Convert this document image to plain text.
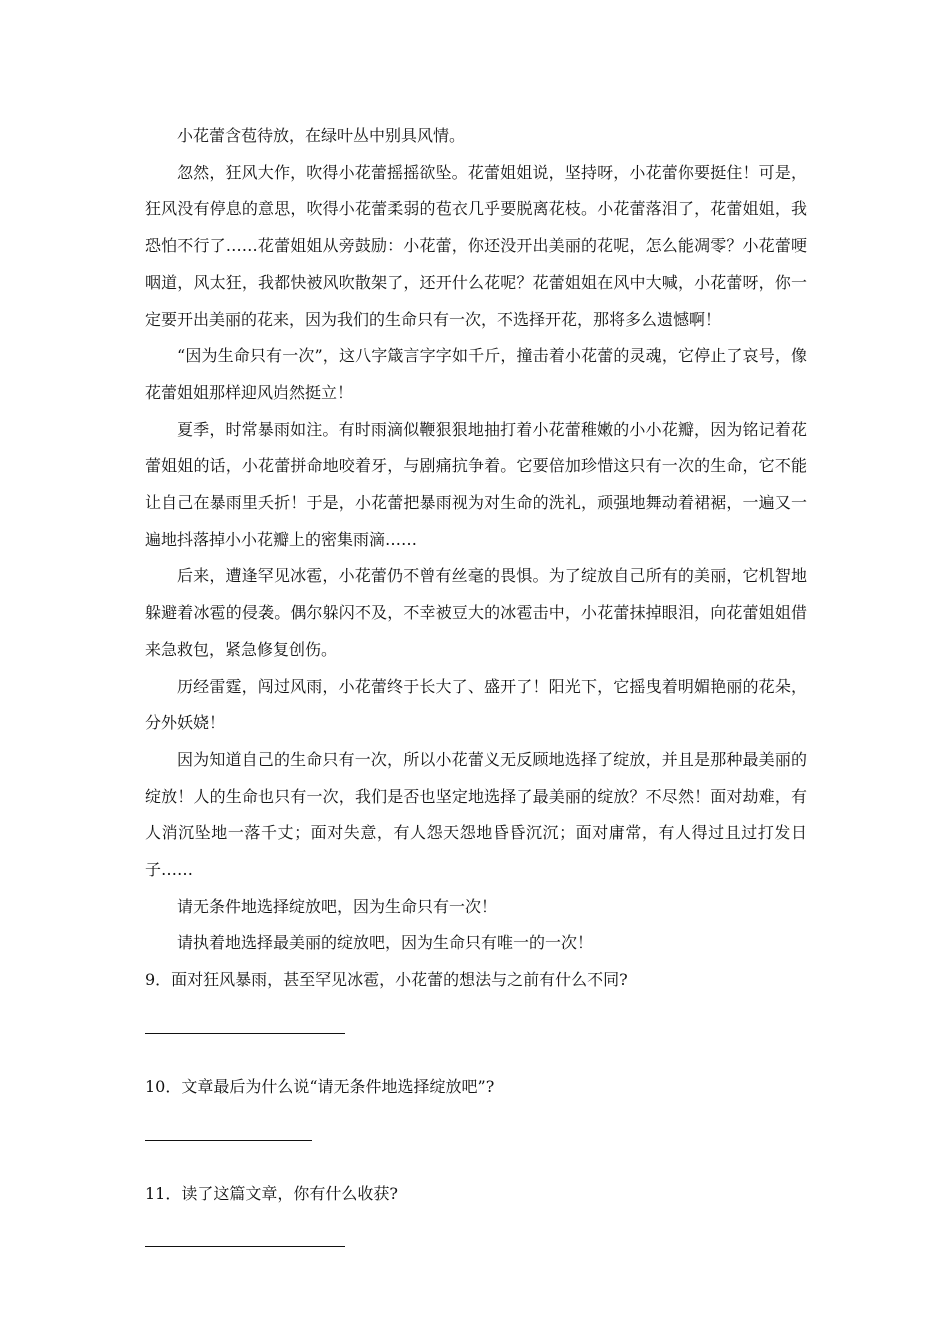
小花蕾含苞待放，在绿叶丛中别具风情。

忽然，狂风大作，吹得小花蕾摇摇欲坠。花蕾姐姐说，坚持呀，小花蕾你要挺住！可是，狂风没有停息的意思，吹得小花蕾柔弱的苞衣几乎要脱离花枝。小花蕾落泪了，花蕾姐姐，我恐怕不行了……花蕾姐姐从旁鼓励：小花蕾，你还没开出美丽的花呢，怎么能凋零？小花蕾哽咽道，风太狂，我都快被风吹散架了，还开什么花呢？花蕾姐姐在风中大喊，小花蕾呀，你一定要开出美丽的花来，因为我们的生命只有一次，不选择开花，那将多么遗憾啊！

“因为生命只有一次”，这八字箴言字字如千斤，撞击着小花蕾的灵魂，它停止了哀号，像花蕾姐姐那样迎风岿然挺立！

夏季，时常暴雨如注。有时雨滴似鞭狠狠地抽打着小花蕾稚嫩的小小花瓣，因为铭记着花蕾姐姐的话，小花蕾拼命地咬着牙，与剧痛抗争着。它要倍加珍惜这只有一次的生命，它不能让自己在暴雨里夭折！于是，小花蕾把暴雨视为对生命的洗礼，顽强地舞动着裙裾，一遍又一遍地抖落掉小小花瓣上的密集雨滴……

后来，遭逢罕见冰雹，小花蕾仍不曾有丝毫的畏惧。为了绽放自己所有的美丽，它机智地躲避着冰雹的侵袭。偶尔躲闪不及，不幸被豆大的冰雹击中，小花蕾抹掉眼泪，向花蕾姐姐借来急救包，紧急修复创伤。

历经雷霆，闯过风雨，小花蕾终于长大了、盛开了！阳光下，它摇曳着明媚艳丽的花朵，分外妖娆！

因为知道自己的生命只有一次，所以小花蕾义无反顾地选择了绽放，并且是那种最美丽的绽放！人的生命也只有一次，我们是否也坚定地选择了最美丽的绽放？不尽然！面对劫难，有人消沉坠地一落千丈；面对失意，有人怨天怨地昏昏沉沉；面对庸常，有人得过且过打发日子……

请无条件地选择绽放吧，因为生命只有一次！

请执着地选择最美丽的绽放吧，因为生命只有唯一的一次！

9．面对狂风暴雨，甚至罕见冰雹，小花蕾的想法与之前有什么不同?

10．文章最后为什么说“请无条件地选择绽放吧”?

11．读了这篇文章，你有什么收获?
